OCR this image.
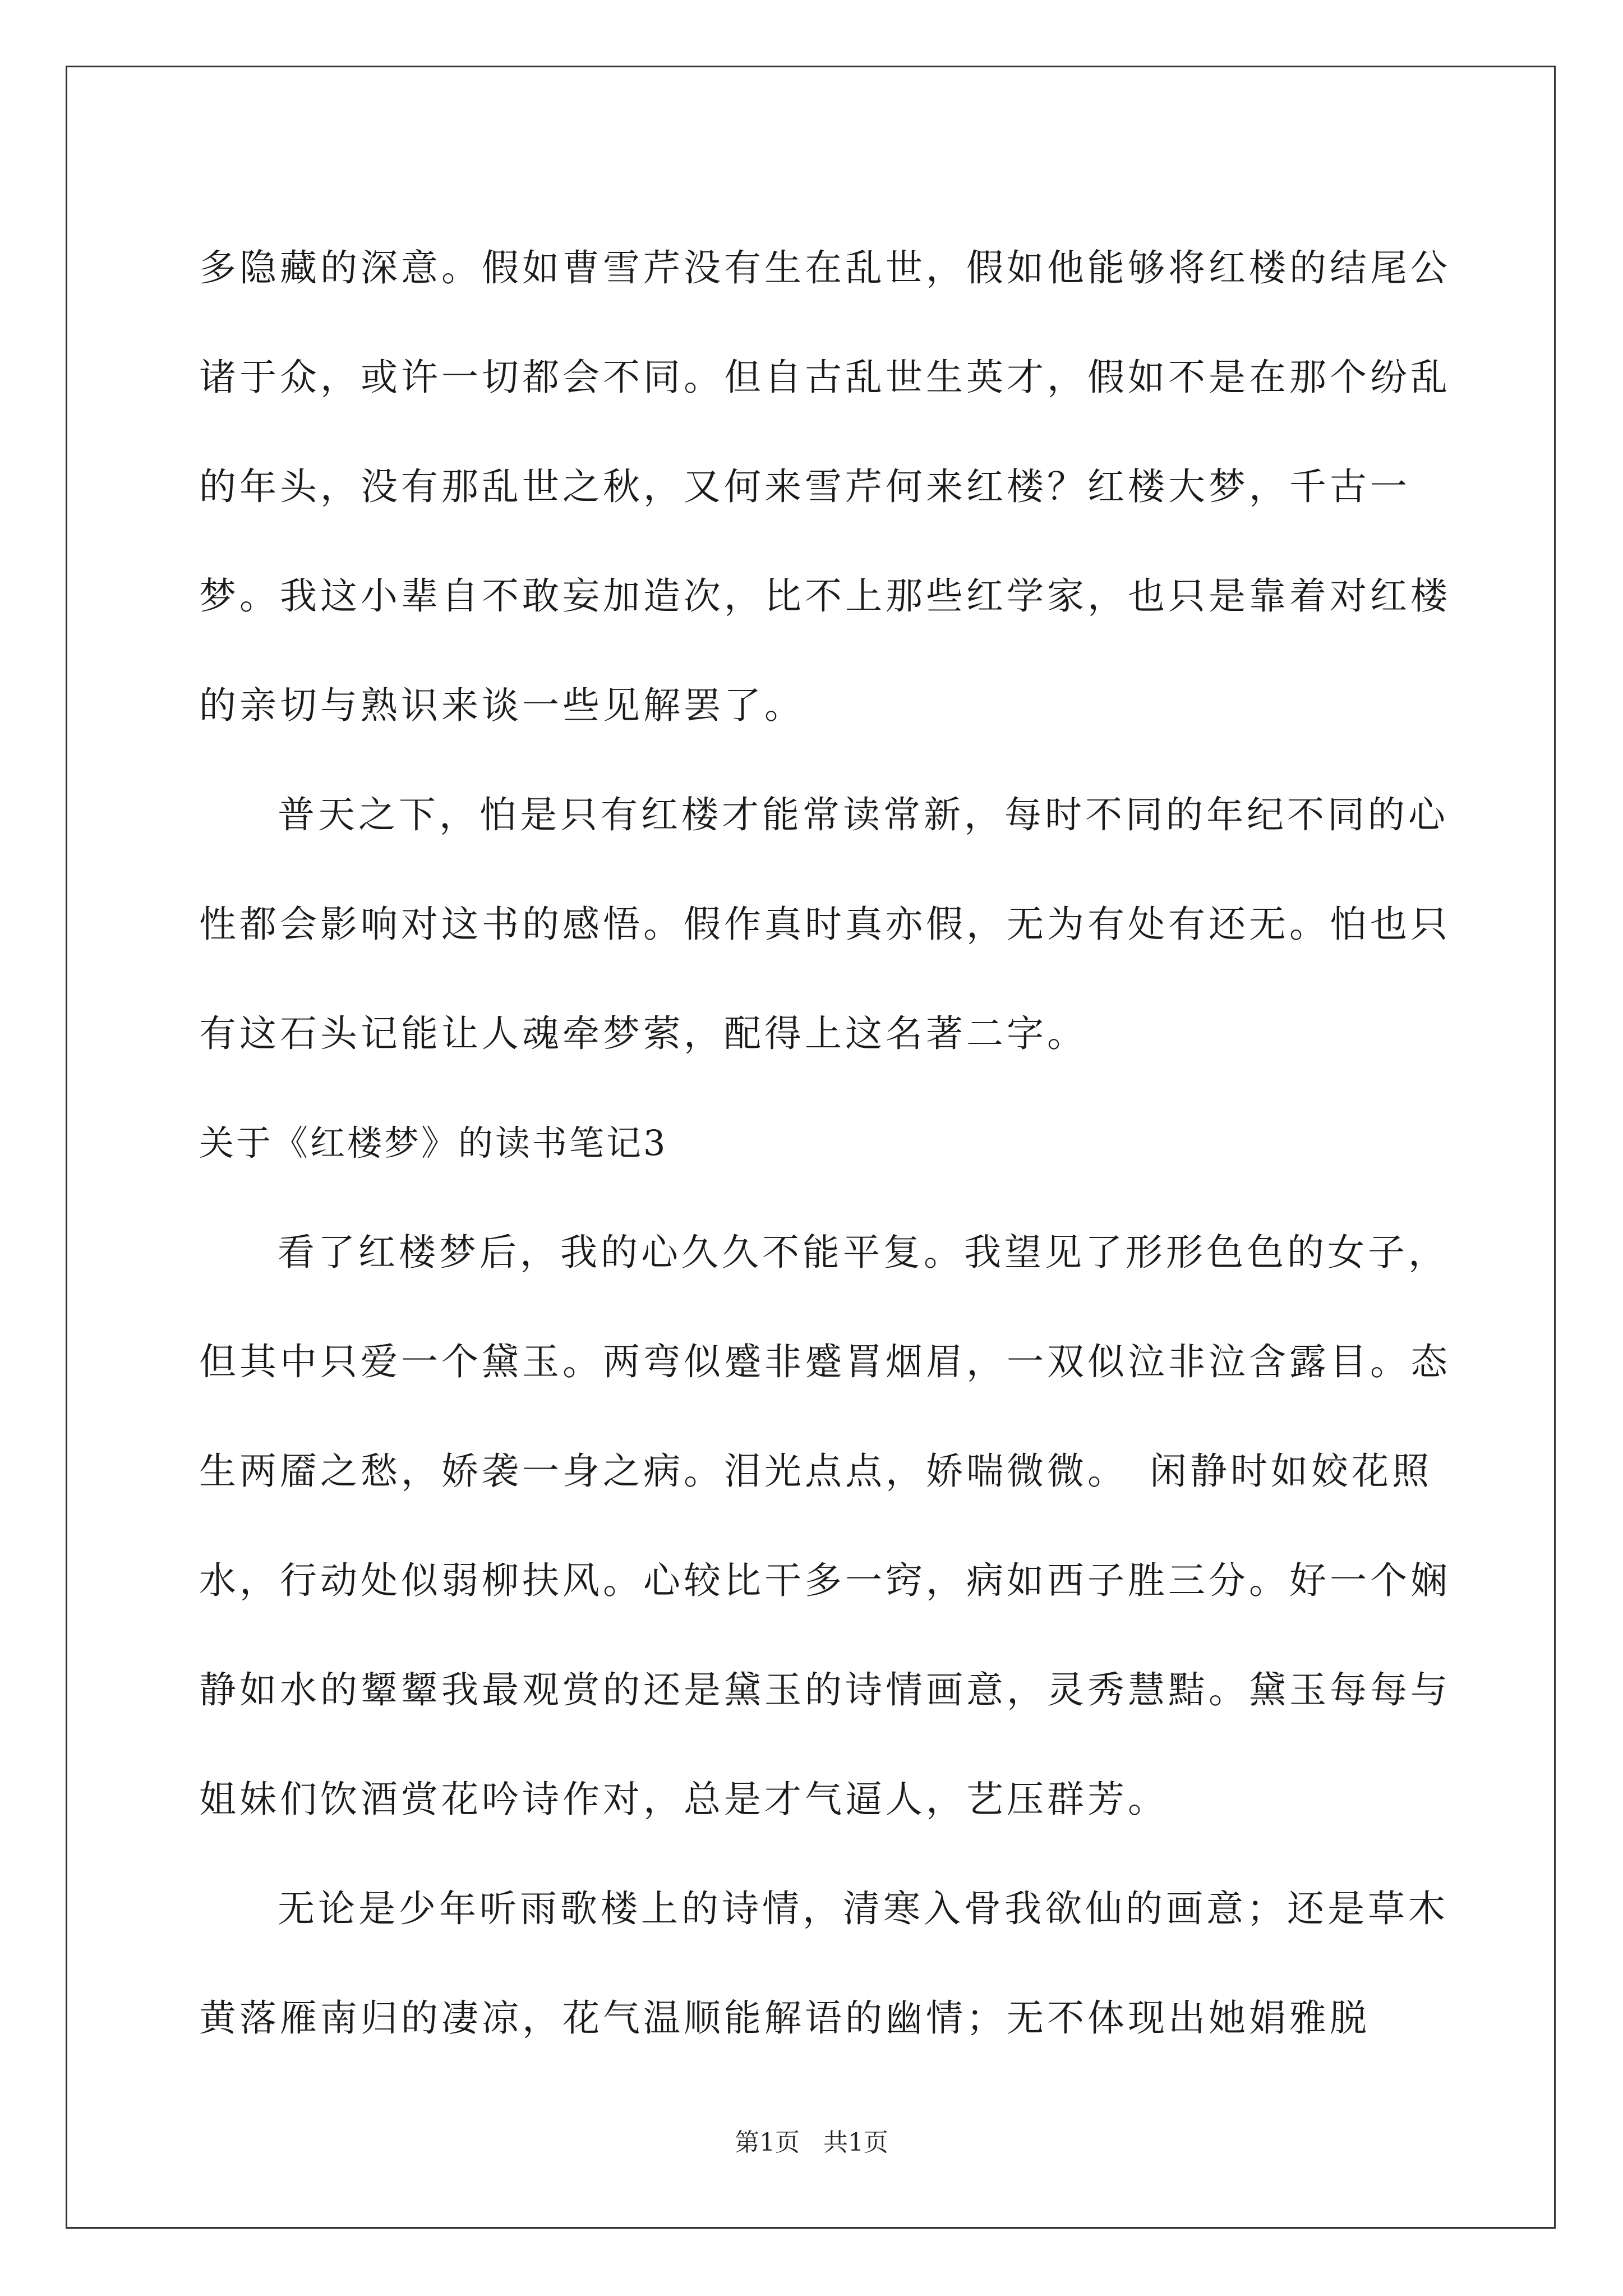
多隐藏的深意。假如曹雪芹没有生在乱世，假如他能够将红楼的结尾公诸于众，或许一切都会不同。但自古乱世生英才，假如不是在那个纷乱的年头，没有那乱世之秋，又何来雪芹何来红楼？红楼大梦，千古一梦。我这小辈自不敢妄加造次，比不上那些红学家，也只是靠着对红楼的亲切与熟识来谈一些见解罢了。

普天之下，怕是只有红楼才能常读常新，每时不同的年纪不同的心性都会影响对这书的感悟。假作真时真亦假，无为有处有还无。怕也只有这石头记能让人魂牵梦萦，配得上这名著二字。

关于《红楼梦》的读书笔记3

看了红楼梦后，我的心久久不能平复。我望见了形形色色的女子，但其中只爱一个黛玉。两弯似蹙非蹙罥烟眉，一双似泣非泣含露目。态生两靥之愁，娇袭一身之病。泪光点点，娇喘微微。　闲静时如姣花照水，行动处似弱柳扶风。心较比干多一窍，病如西子胜三分。好一个娴静如水的颦颦我最观赏的还是黛玉的诗情画意，灵秀慧黠。黛玉每每与姐妹们饮酒赏花吟诗作对，总是才气逼人，艺压群芳。

无论是少年听雨歌楼上的诗情，清寒入骨我欲仙的画意；还是草木黄落雁南归的凄凉，花气温顺能解语的幽情；无不体现出她娟雅脱

第1页 共1页
